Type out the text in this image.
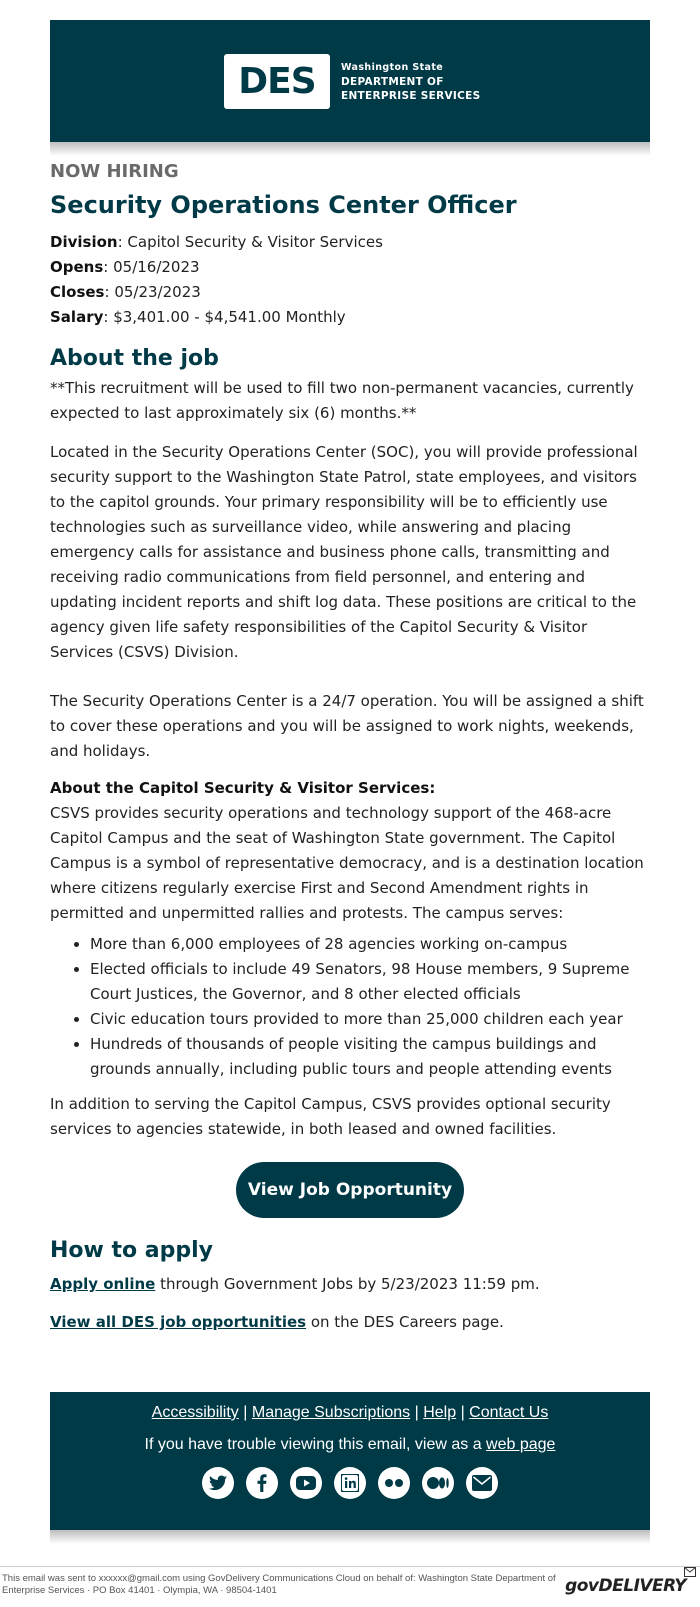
DES	Washington State
DEPARTMENT OF
ENTERPRISE SERVICES

NOW HIRING

Security Operations Center Officer

Division: Capitol Security & Visitor Services

Opens: 05/16/2023

Closes: 05/23/2023

Salary: $3,401.00 - $4,541.00 Monthly

About the job

**This recruitment will be used to fill two non-permanent vacancies, currently expected to last approximately six (6) months.**

Located in the Security Operations Center (SOC), you will provide professional security support to the Washington State Patrol, state employees, and visitors to the capitol grounds. Your primary responsibility will be to efficiently use technologies such as surveillance video, while answering and placing emergency calls for assistance and business phone calls, transmitting and receiving radio communications from field personnel, and entering and updating incident reports and shift log data. These positions are critical to the agency given life safety responsibilities of the Capitol Security & Visitor Services (CSVS) Division.

The Security Operations Center is a 24/7 operation. You will be assigned a shift to cover these operations and you will be assigned to work nights, weekends, and holidays.

About the Capitol Security & Visitor Services:

CSVS provides security operations and technology support of the 468-acre Capitol Campus and the seat of Washington State government. The Capitol Campus is a symbol of representative democracy, and is a destination location where citizens regularly exercise First and Second Amendment rights in permitted and unpermitted rallies and protests. The campus serves:

• More than 6,000 employees of 28 agencies working on-campus
• Elected officials to include 49 Senators, 98 House members, 9 Supreme Court Justices, the Governor, and 8 other elected officials
• Civic education tours provided to more than 25,000 children each year
• Hundreds of thousands of people visiting the campus buildings and grounds annually, including public tours and people attending events

In addition to serving the Capitol Campus, CSVS provides optional security services to agencies statewide, in both leased and owned facilities.

View Job Opportunity
How to apply

Apply online through Government Jobs by 5/23/2023 11:59 pm.

View all DES job opportunities on the DES Careers page.

Accessibility | Manage Subscriptions | Help | Contact Us
If you have trouble viewing this email, view as a web page
This email was sent to xxxxxx@gmail.com using GovDelivery Communications Cloud on behalf of: Washington State Department of Enterprise Services · PO Box 41401 · Olympia, WA · 98504-1401	govDELIVERY
